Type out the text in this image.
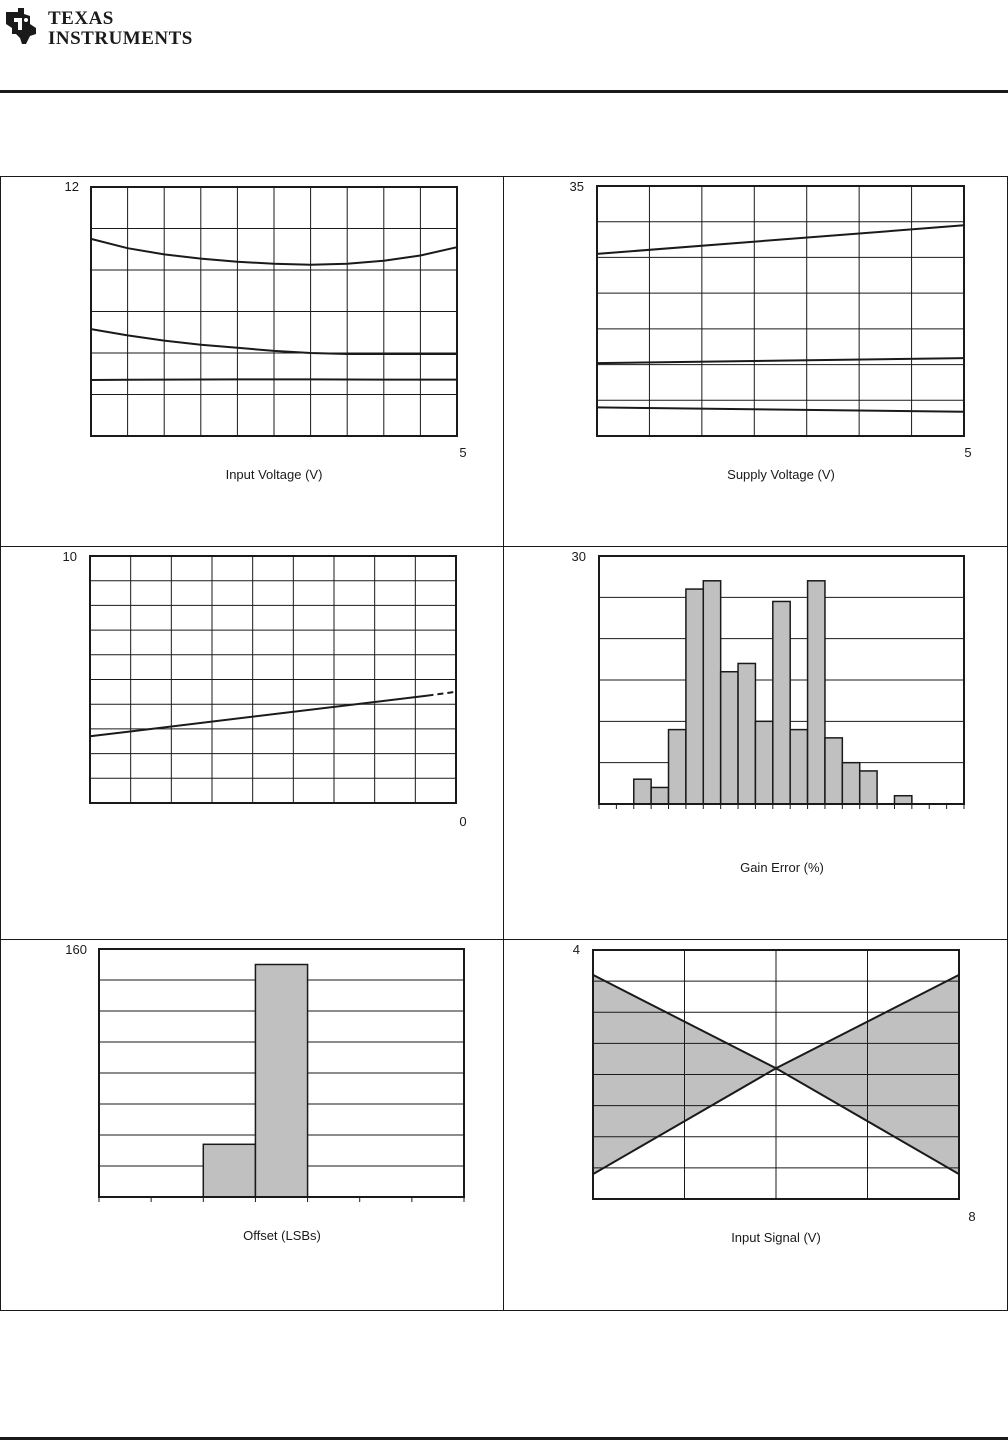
TEXAS
INSTRUMENTS
12
5
Input Voltage (V)
35
5
Supply Voltage (V)
10
0
30
Gain Error (%)
160
Offset (LSBs)
4
8
Input Signal (V)
